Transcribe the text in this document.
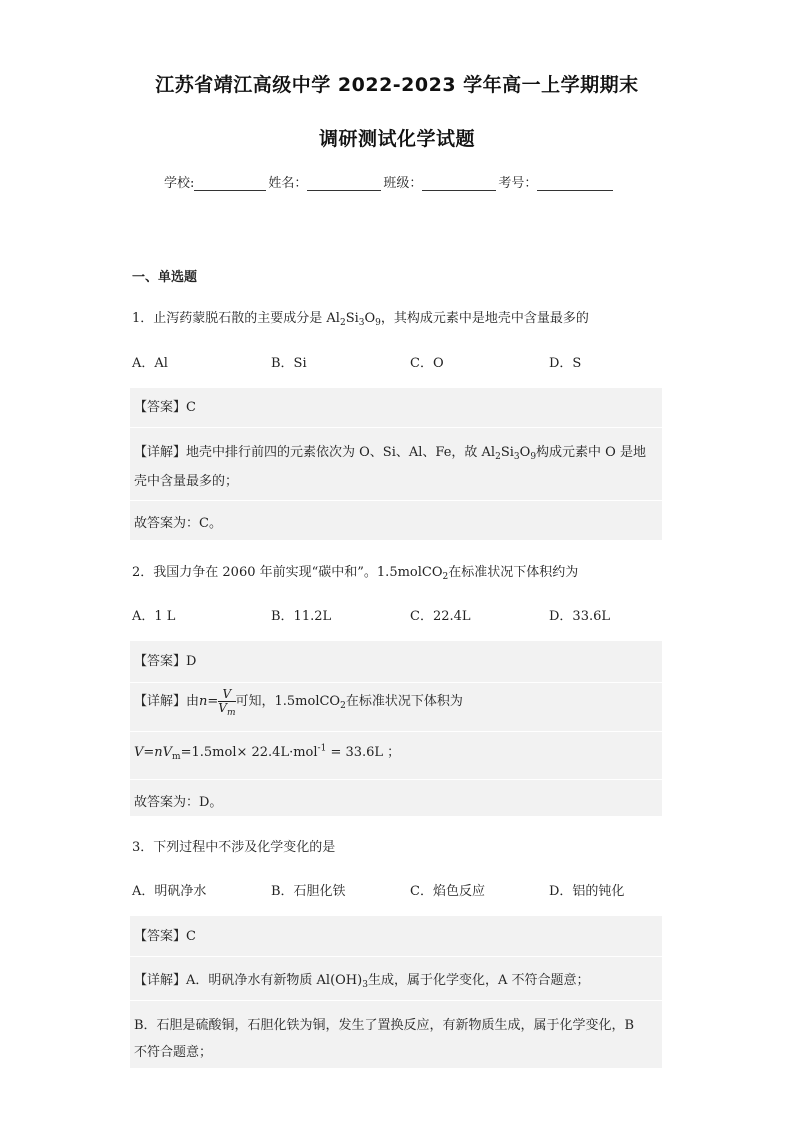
江苏省靖江高级中学 2022-2023 学年高一上学期期末
调研测试化学试题
学校:	姓名：	班级：	考号：
一、单选题
1．止泻药蒙脱石散的主要成分是 $Al_2Si_3O_9$，其构成元素中是地壳中含量最多的
A．Al	B．Si	C．O	D．S
【答案】C
【详解】地壳中排行前四的元素依次为 O、Si、Al、Fe，故 $Al_2Si_3O_9$构成元素中 O 是地
壳中含量最多的；
故答案为：C。
2．我国力争在 2060 年前实现“碳中和”。1.5molCO$_2$在标准状况下体积约为
A．1 L	B．11.2L	C．22.4L	D．33.6L
【答案】D
【详解】由$n= \frac{V}{V_m}$ 可知，1.5molCO$_2$在标准状况下体积为
$V=nV_m=1.5mol\times 22.4L\cdot mol^{-1} = 33.6L$ ；
故答案为：D。
3．下列过程中不涉及化学变化的是
A．明矾净水	B．石胆化铁	C．焰色反应	D．铝的钝化
【答案】C
【详解】A．明矾净水有新物质 $Al(OH)_3$生成，属于化学变化，A 不符合题意；
B．石胆是硫酸铜，石胆化铁为铜，发生了置换反应，有新物质生成，属于化学变化，B
不符合题意；
